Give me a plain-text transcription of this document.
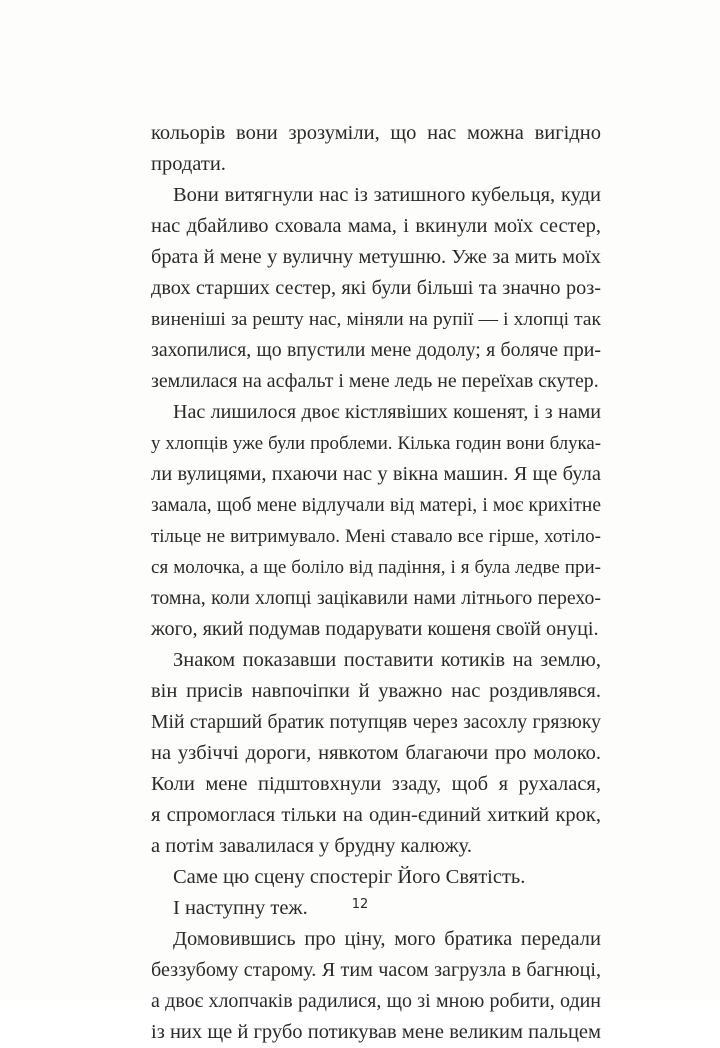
кольорів вони зрозуміли, що нас можна вигідно
продати.
Вони витягнули нас із затишного кубельця, куди
нас дбайливо сховала мама, і вкинули моїх сестер,
брата й мене у вуличну метушню. Уже за мить моїх
двох старших сестер, які були більші та значно роз-
виненіші за решту нас, міняли на рупії — і хлопці так
захопилися, що впустили мене додолу; я боляче при-
землилася на асфальт і мене ледь не переїхав скутер.
Нас лишилося двоє кістлявіших кошенят, і з нами
у хлопців уже були проблеми. Кілька годин вони блука-
ли вулицями, пхаючи нас у вікна машин. Я ще була
замала, щоб мене відлучали від матері, і моє крихітне
тільце не витримувало. Мені ставало все гірше, хотіло-
ся молочка, а ще боліло від падіння, і я була ледве при-
томна, коли хлопці зацікавили нами літнього перехо-
жого, який подумав подарувати кошеня своїй онуці.
Знаком показавши поставити котиків на землю,
він присів навпочіпки й уважно нас роздивлявся.
Мій старший братик потупцяв через засохлу грязюку
на узбіччі дороги, нявкотом благаючи про молоко.
Коли мене підштовхнули ззаду, щоб я рухалася,
я спромоглася тільки на один-єдиний хиткий крок,
а потім завалилася у брудну калюжу.
Саме цю сцену спостеріг Його Святість.
І наступну теж.
Домовившись про ціну, мого братика передали
беззубому старому. Я тим часом загрузла в багнюці,
а двоє хлопчаків радилися, що зі мною робити, один
із них ще й грубо потикував мене великим пальцем
12
